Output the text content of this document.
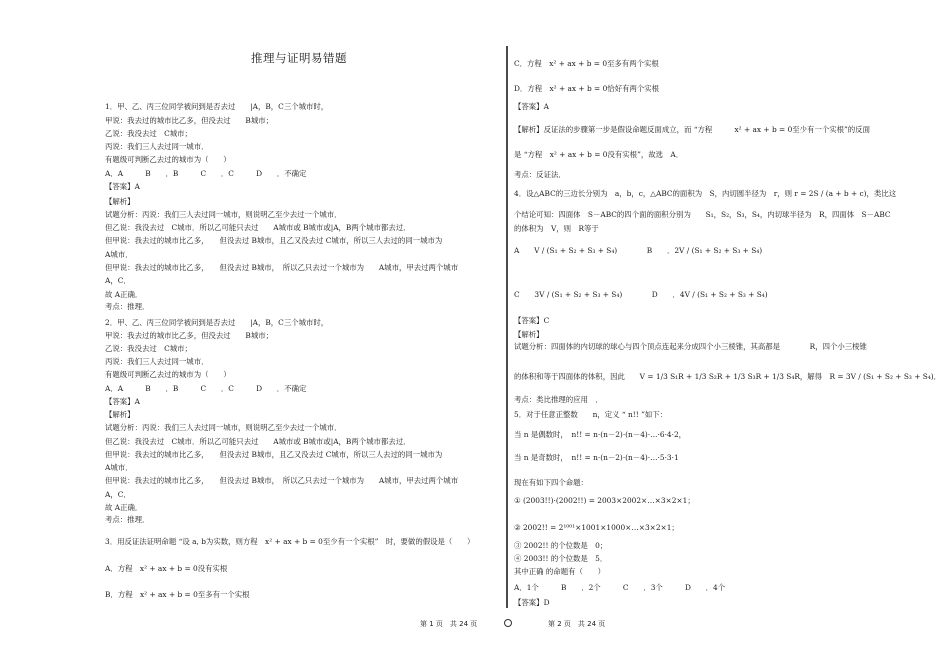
推理与证明易错题
1．甲、乙、丙三位同学被问到是否去过　　|A，B，C三个城市时，
甲说：我去过的城市比乙多，但没去过　　B城市；
乙说：我没去过　C城市；
丙说：我们三人去过同一城市．
有题级可判断乙去过的城市为（　　）
A．A　　　B　　．B　　　C　　．C　　　D　　．不确定
【答案】A
【解析】
试题分析：丙说：我们三人去过同一城市，则说明乙至少去过一个城市．
但乙说：我没去过　C城市．所以乙可能只去过　　A城市或 B城市或|A，B两个城市都去过．
但甲说：我去过的城市比乙多，　　但没去过 B城市，且乙又没去过 C城市，所以三人去过的同一城市为
A城市．
但甲说：我去过的城市比乙多，　　但没去过 B城市，　所以乙只去过一个城市为　　A城市，甲去过两个城市
A，C．
故 A正确．
考点：推理．
2．甲、乙、丙三位同学被问到是否去过　　|A，B，C三个城市时，
甲说：我去过的城市比乙多，但没去过　　B城市；
乙说：我没去过　C城市；
丙说：我们三人去过同一城市．
有题级可判断乙去过的城市为（　　）
A．A　　　B　　．B　　　C　　．C　　　D　　．不确定
【答案】A
【解析】
试题分析：丙说：我们三人去过同一城市，则说明乙至少去过一个城市．
但乙说：我没去过　C城市．所以乙可能只去过　　A城市或 B城市或|A，B两个城市都去过．
但甲说：我去过的城市比乙多，　　但没去过 B城市，且乙又没去过 C城市，所以三人去过的同一城市为
A城市．
但甲说：我去过的城市比乙多，　　但没去过 B城市，　所以乙只去过一个城市为　　A城市，甲去过两个城市
A，C．
故 A正确．
考点：推理．
3．用反证法证明命题 “设 a, b为实数，则方程　x² + ax + b = 0至少有一个实根”　时，要做的假设是（　　）
A．方程　x² + ax + b = 0没有实根
B．方程　x² + ax + b = 0至多有一个实根
C．方程　x² + ax + b = 0至多有两个实根
D．方程　x² + ax + b = 0恰好有两个实根
【答案】A
【解析】反证法的步骤第一步是假设命题反面成立，而 “方程　　　x² + ax + b = 0至少有一个实根”的反面
是 “方程　x² + ax + b = 0没有实根”，故选　A．
考点：反证法．
4．设△ABC的三边长分别为　a，b，c，△ABC的面积为　S，内切圆半径为　r，则 r = 2S / (a + b + c)，类比这
个结论可知：四面体　S－ABC的四个面的面积分别为　　S₁，S₂，S₃，S₄，内切球半径为　R，四面体　S－ABC
的体积为　V，则　R等于
A　　V / (S₁ + S₂ + S₃ + S₄)　　　　B　　．2V / (S₁ + S₂ + S₃ + S₄)
C　　3V / (S₁ + S₂ + S₃ + S₄)　　　　D　　．4V / (S₁ + S₂ + S₃ + S₄)
【答案】C
【解析】
试题分析：四面体的内切球的球心与四个顶点连起来分成四个小三棱锥，其高都是　　　　R，四个小三棱锥
的体积和等于四面体的体积，因此　　V = 1/3 S₁R + 1/3 S₂R + 1/3 S₃R + 1/3 S₄R，解得　R = 3V / (S₁ + S₂ + S₃ + S₄)．
考点：类比推理的应用　．
5．对于任意正整数　　n，定义 “ n!! ”如下：
当 n 是偶数时，　n!! = n·(n－2)·(n－4)·…·6·4·2，
当 n 是奇数时，　n!! = n·(n－2)·(n－4)·…·5·3·1
现在有如下四个命题：
① (2003!!)·(2002!!) = 2003×2002×…×3×2×1；
② 2002!! = 2¹⁰⁰¹×1001×1000×…×3×2×1；
③ 2002!! 的个位数是　0；
④ 2003!! 的个位数是　5．
其中正确 的命题有（　　）
A．1个　　　B　　．2个　　　C　　．3个　　　D　　．4个
【答案】D
第 1 页　共 24 页	第 2 页　共 24 页
